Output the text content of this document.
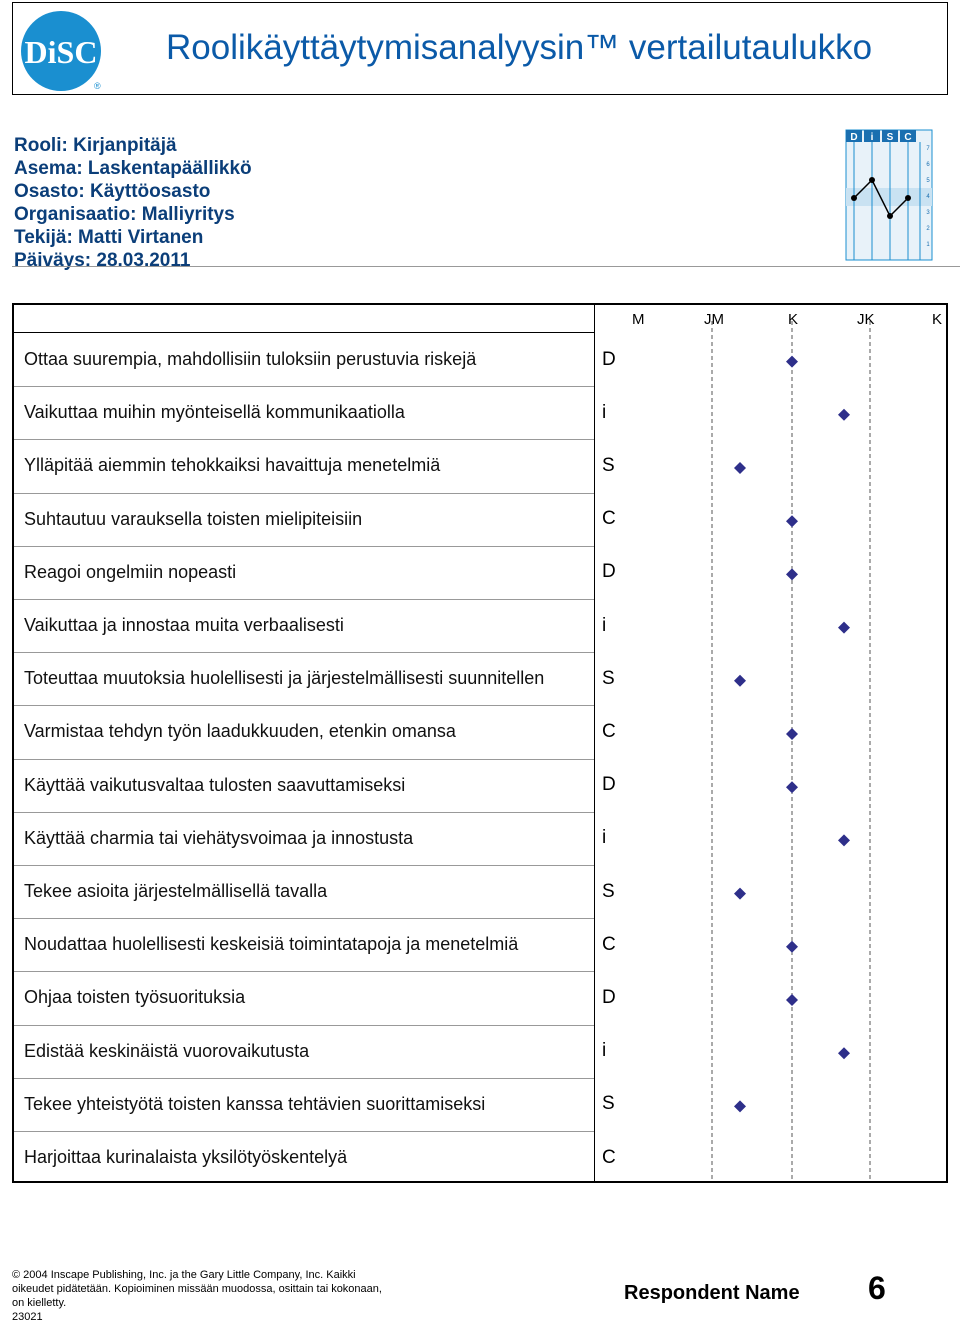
DiSC
®
Roolikäyttäytymisanalyysin™ vertailutaulukko
Rooli: Kirjanpitäjä
Asema: Laskentapäällikkö
Osasto: Käyttöosasto
Organisaatio: Malliyritys
Tekijä: Matti Virtanen
Päiväys: 28.03.2011
D i S C
7
6
5
4
3
2
1
M	JM	K	JK	K
Ottaa suurempia, mahdollisiin tuloksiin perustuvia riskejä	D
Vaikuttaa muihin myönteisellä kommunikaatiolla	i
Ylläpitää aiemmin tehokkaiksi havaittuja menetelmiä	S
Suhtautuu varauksella toisten mielipiteisiin	C
Reagoi ongelmiin nopeasti	D
Vaikuttaa ja innostaa muita verbaalisesti	i
Toteuttaa muutoksia huolellisesti ja järjestelmällisesti suunnitellen	S
Varmistaa tehdyn työn laadukkuuden, etenkin omansa	C
Käyttää vaikutusvaltaa tulosten saavuttamiseksi	D
Käyttää charmia tai viehätysvoimaa ja innostusta	i
Tekee asioita järjestelmällisellä tavalla	S
Noudattaa huolellisesti keskeisiä toimintatapoja ja menetelmiä	C
Ohjaa toisten työsuorituksia	D
Edistää keskinäistä vuorovaikutusta	i
Tekee yhteistyötä toisten kanssa tehtävien suorittamiseksi	S
Harjoittaa kurinalaista yksilötyöskentelyä	C
© 2004 Inscape Publishing, Inc. ja the Gary Little Company, Inc. Kaikki oikeudet pidätetään. Kopioiminen missään muodossa, osittain tai kokonaan, on kielletty.
23021
Respondent Name 6
